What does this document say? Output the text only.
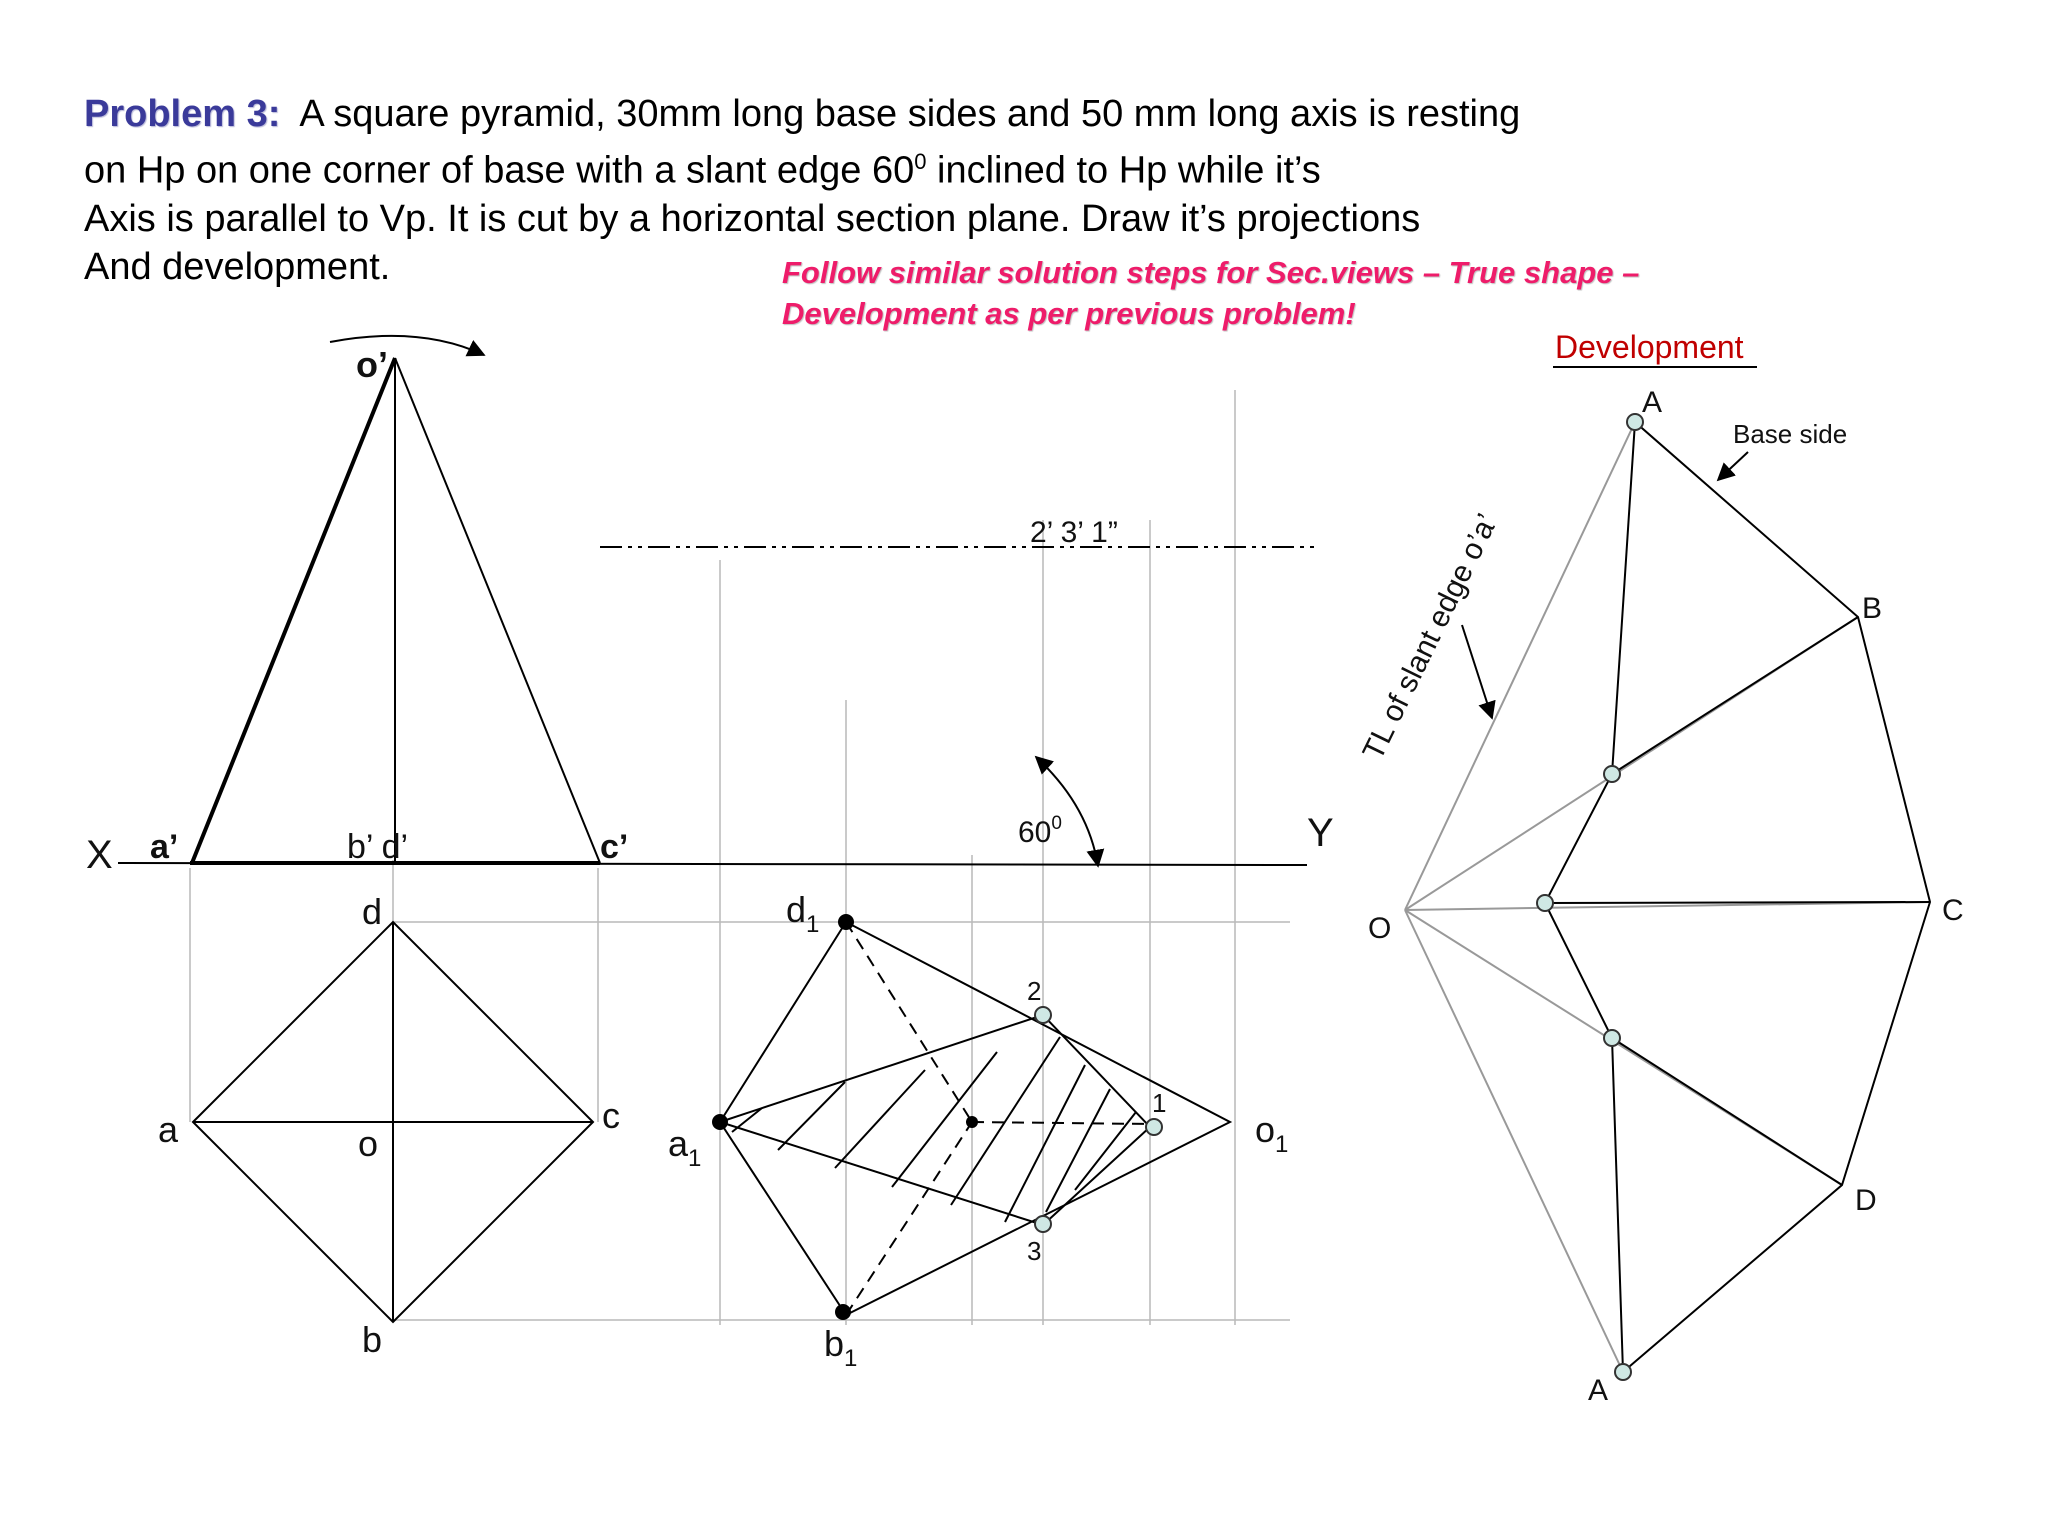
Problem 3: A square pyramid, 30mm long base sides and 50 mm long axis is resting
on Hp on one corner of base with a slant edge $60^0$ inclined to Hp while it’s
Axis is parallel to Vp. It is cut by a horizontal section plane. Draw it’s projections
And development.	Follow similar solution steps for Sec.views – True shape –
Development as per previous problem!
X	Y
o’
a’	b’ d’	c’
a
d
c
o
b
2’ 3’ 1”
$60^0$
2
3
1
$a_1$
$d_1$
$b_1$
$o_1$
Development
A
B
C
D
A
O
Base side
TL of slant edge o’a’
